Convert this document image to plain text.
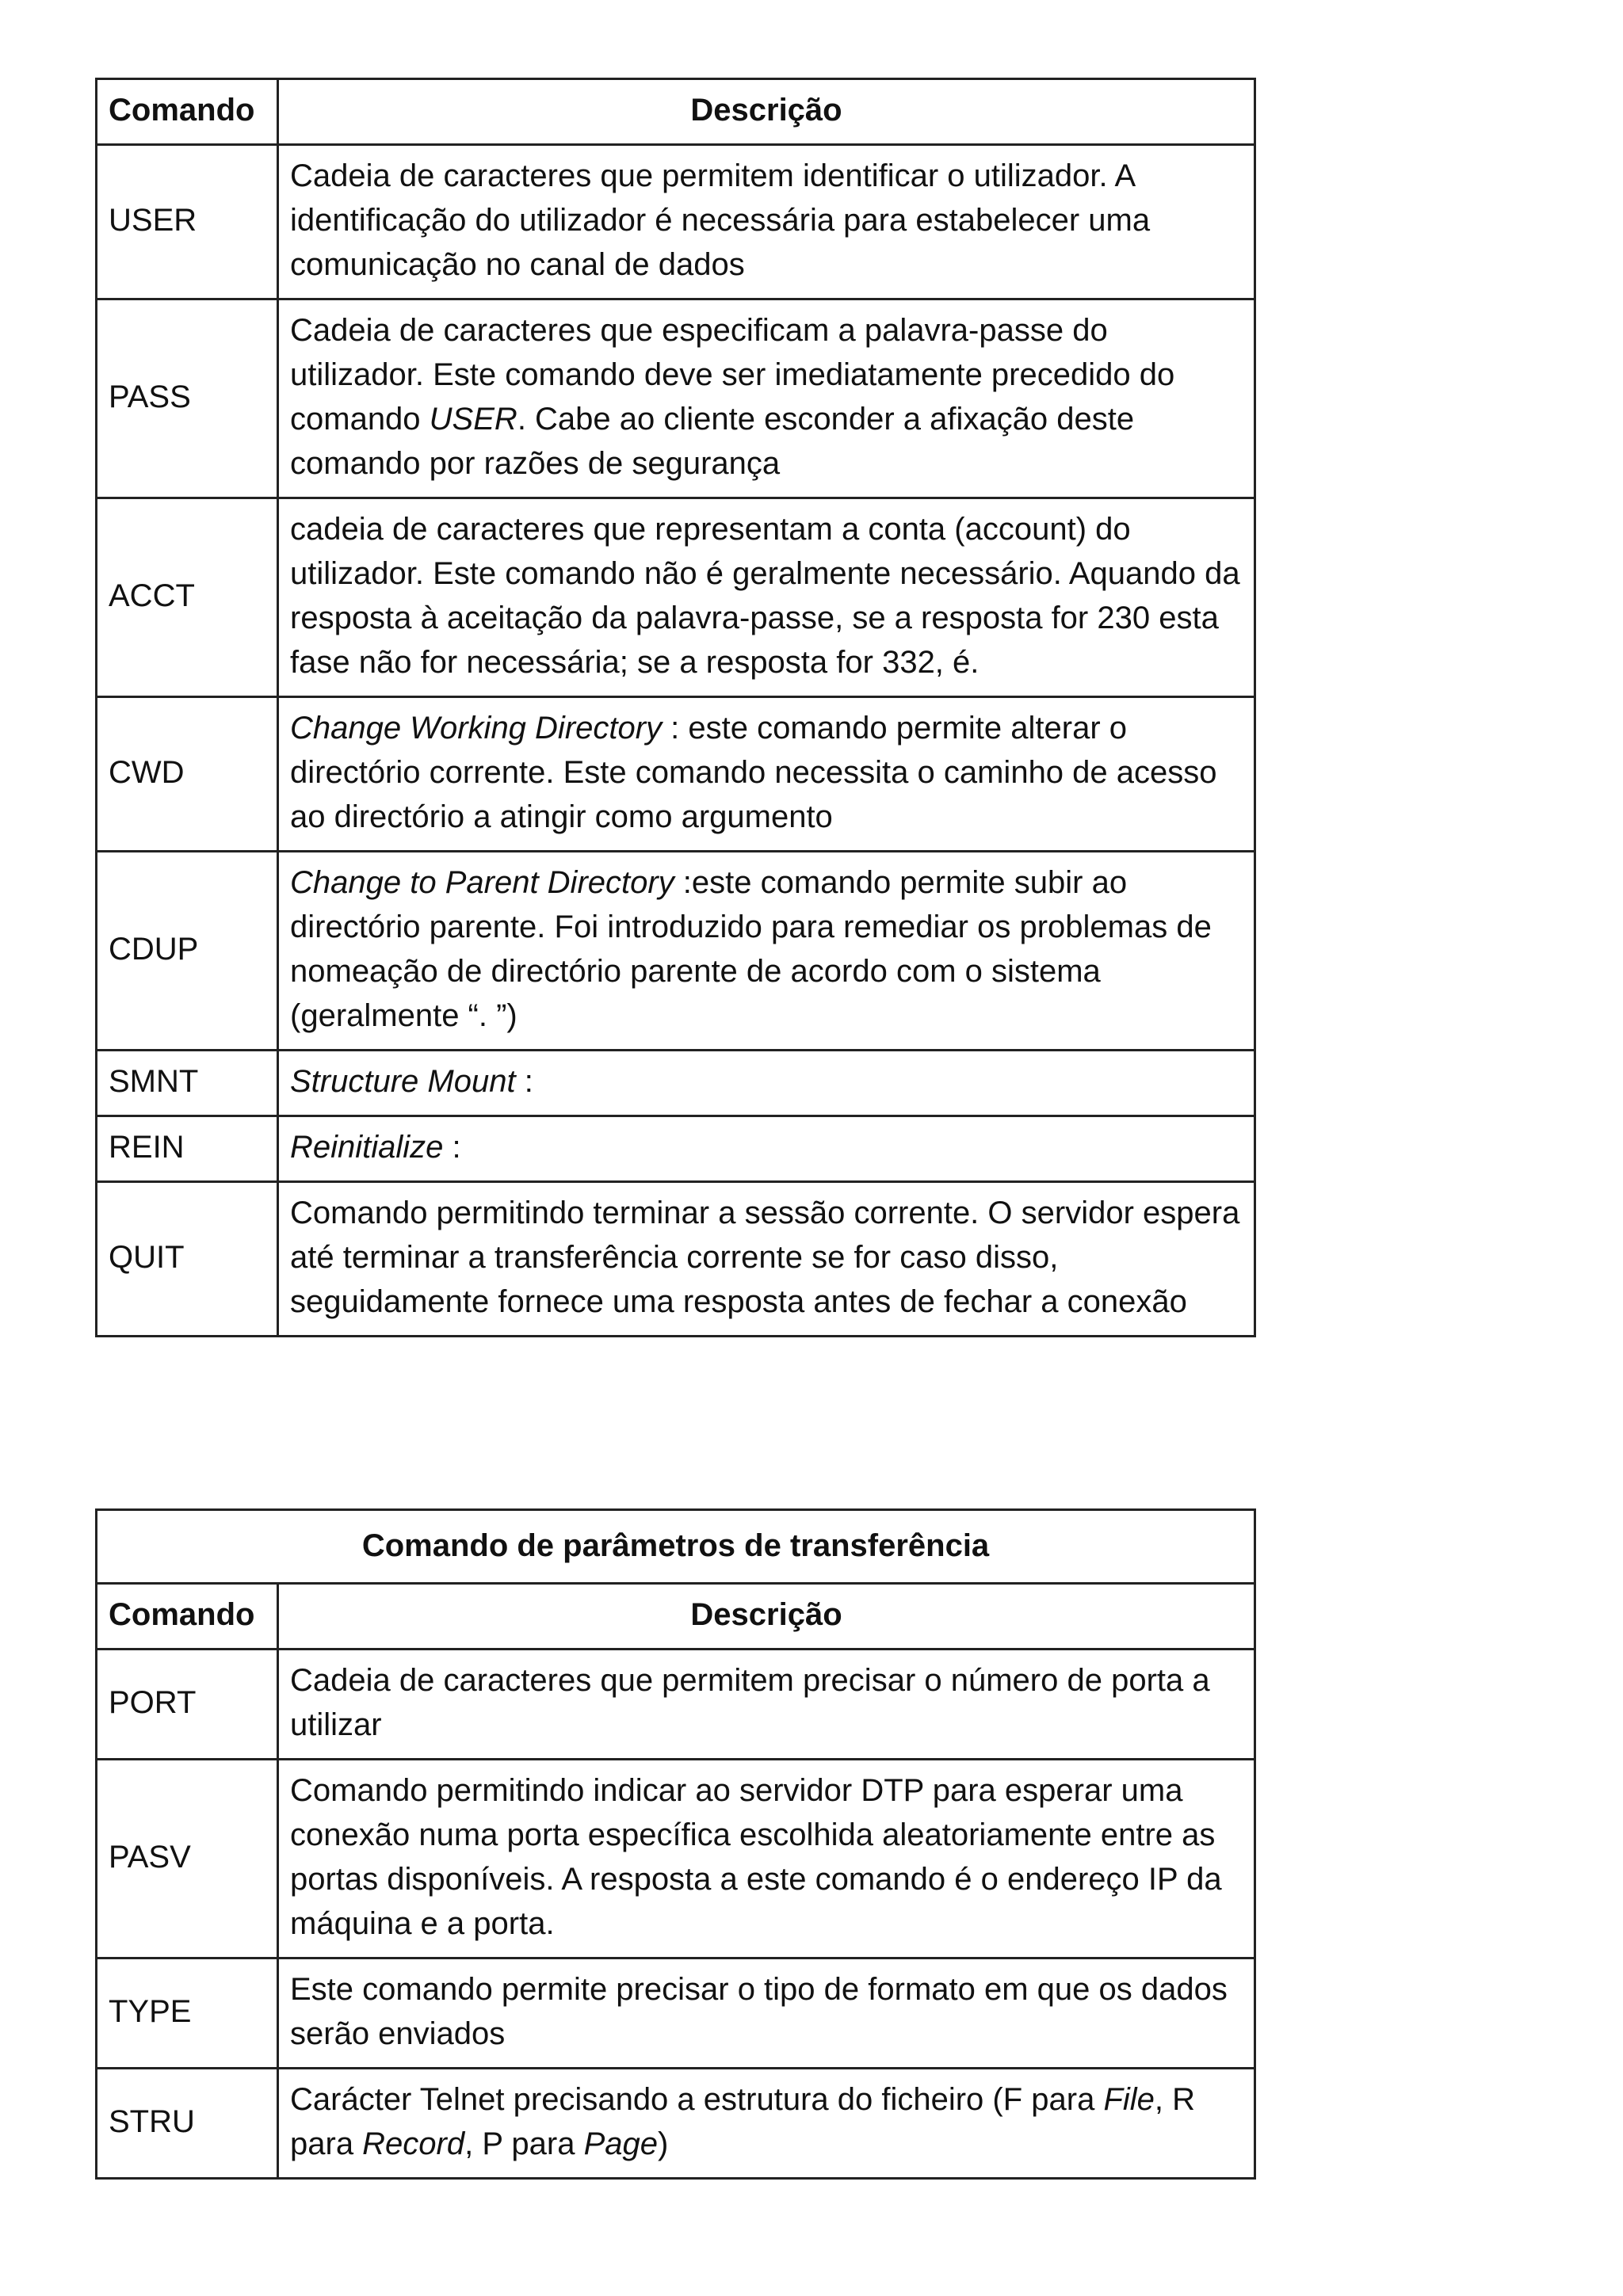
Comando	Descrição
USER	Cadeia de caracteres que permitem identificar o utilizador. A identificação do utilizador é necessária para estabelecer uma comunicação no canal de dados
PASS	Cadeia de caracteres que especificam a palavra-passe do utilizador. Este comando deve ser imediatamente precedido do comando USER. Cabe ao cliente esconder a afixação deste comando por razões de segurança
ACCT	cadeia de caracteres que representam a conta (account) do utilizador. Este comando não é geralmente necessário. Aquando da resposta à aceitação da palavra-passe, se a resposta for 230 esta fase não for necessária; se a resposta for 332, é.
CWD	Change Working Directory : este comando permite alterar o directório corrente. Este comando necessita o caminho de acesso ao directório a atingir como argumento
CDUP	Change to Parent Directory :este comando permite subir ao directório parente. Foi introduzido para remediar os problemas de nomeação de directório parente de acordo com o sistema (geralmente “. ”)
SMNT	Structure Mount :
REIN	Reinitialize :
QUIT	Comando permitindo terminar a sessão corrente. O servidor espera até terminar a transferência corrente se for caso disso, seguidamente fornece uma resposta antes de fechar a conexão
Comando de parâmetros de transferência	
Comando	Descrição
PORT	Cadeia de caracteres que permitem precisar o número de porta a utilizar
PASV	Comando permitindo indicar ao servidor DTP para esperar uma conexão numa porta específica escolhida aleatoriamente entre as portas disponíveis. A resposta a este comando é o endereço IP da máquina e a porta.
TYPE	Este comando permite precisar o tipo de formato em que os dados serão enviados
STRU	Carácter Telnet precisando a estrutura do ficheiro (F para File, R para Record, P para Page)
